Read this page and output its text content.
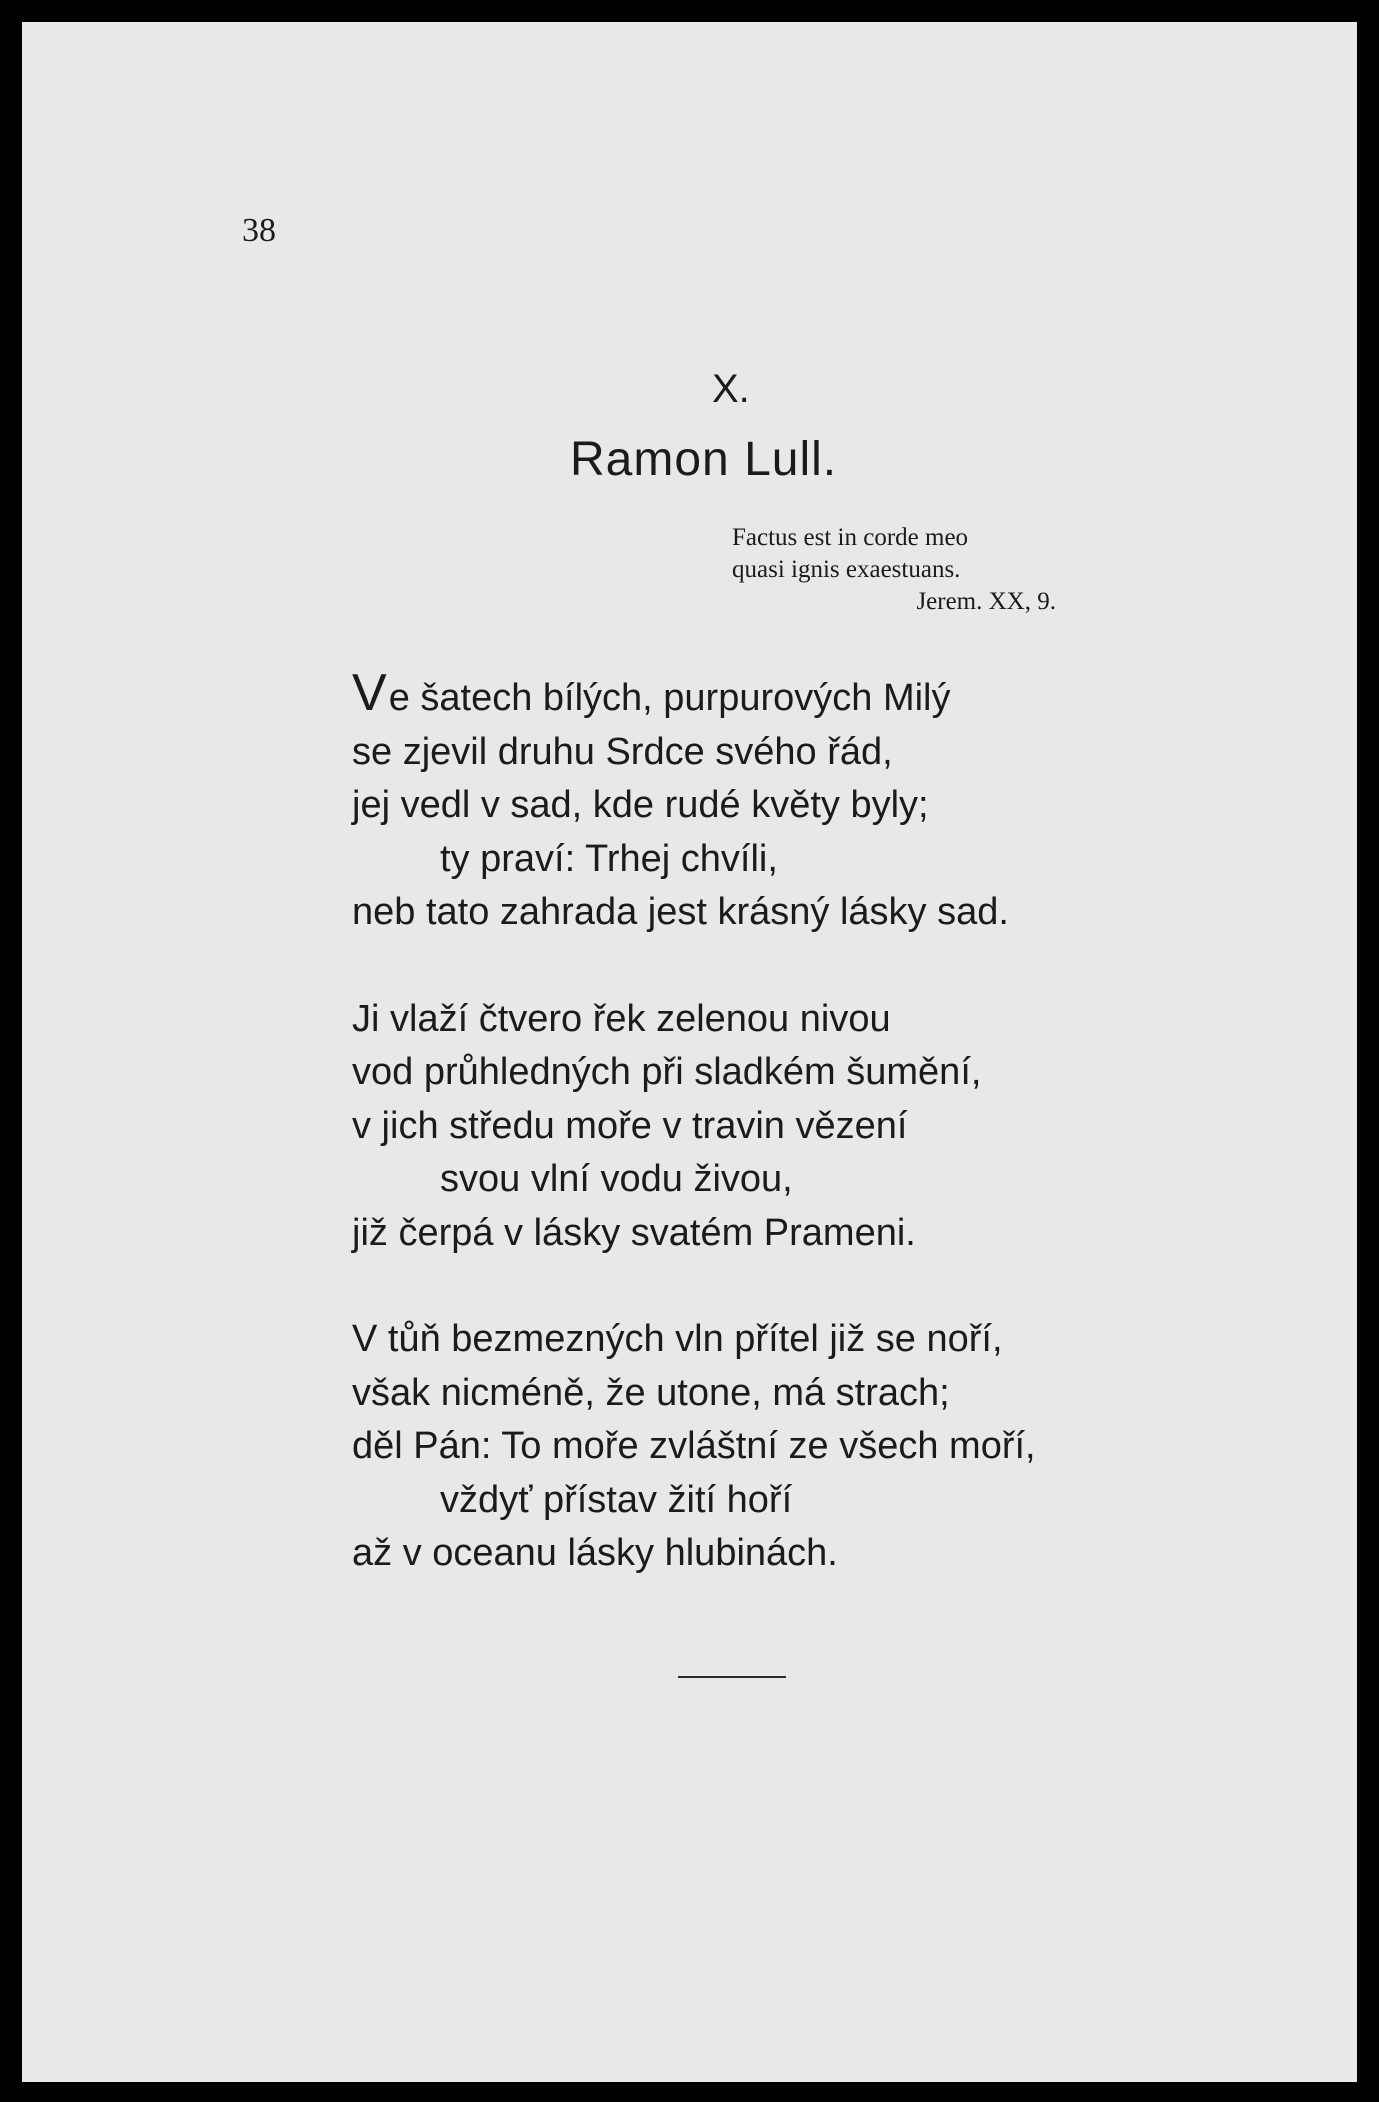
38
X.
Ramon Lull.
Factus est in corde meo
quasi ignis exaestuans.
Jerem. XX, 9.
Ve šatech bílých, purpurových Milý
se zjevil druhu Srdce svého řád,
jej vedl v sad, kde rudé květy byly;
ty praví: Trhej chvíli,
neb tato zahrada jest krásný lásky sad.
Ji vlaží čtvero řek zelenou nivou
vod průhledných při sladkém šumění,
v jich středu moře v travin vězení
svou vlní vodu živou,
již čerpá v lásky svatém Prameni.
V tůň bezmezných vln přítel již se noří,
však nicméně, že utone, má strach;
děl Pán: To moře zvláštní ze všech moří,
vždyť přístav žití hoří
až v oceanu lásky hlubinách.
